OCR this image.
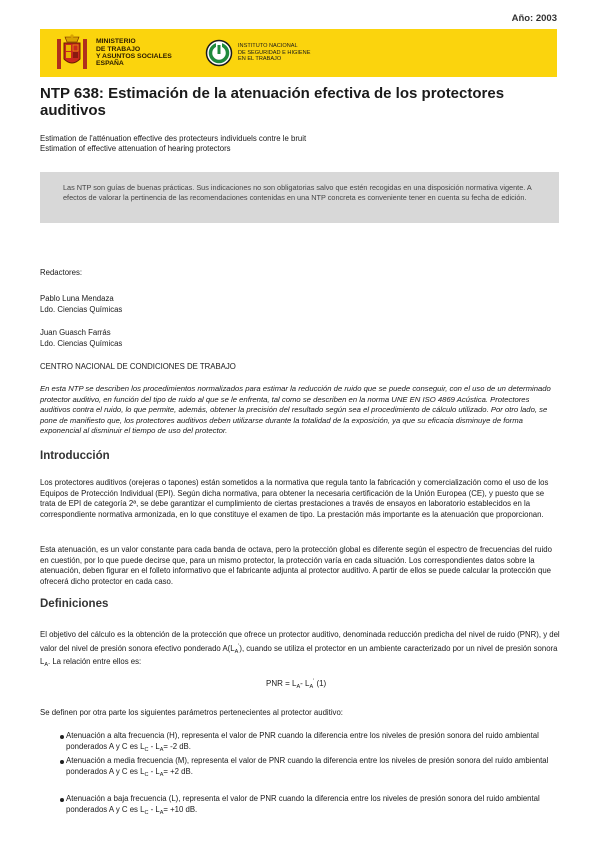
Año: 2003
MINISTERIO
DE TRABAJO
Y ASUNTOS SOCIALES
ESPAÑA
INSTITUTO NACIONAL
DE SEGURIDAD E HIGIENE
EN EL TRABAJO
NTP 638: Estimación de la atenuación efectiva de los protectores auditivos
Estimation de l'atténuation effective des protecteurs individuels contre le bruit
Estimation of effective attenuation of hearing protectors
Las NTP son guías de buenas prácticas. Sus indicaciones no son obligatorias salvo que estén recogidas en una disposición normativa vigente. A efectos de valorar la pertinencia de las recomendaciones contenidas en una NTP concreta es conveniente tener en cuenta su fecha de edición.
Redactores:
Pablo Luna Mendaza
Ldo. Ciencias Químicas
Juan Guasch Farrás
Ldo. Ciencias Químicas
CENTRO NACIONAL DE CONDICIONES DE TRABAJO
En esta NTP se describen los procedimientos normalizados para estimar la reducción de ruido que se puede conseguir, con el uso de un determinado protector auditivo, en función del tipo de ruido al que se le enfrenta, tal como se describen en la norma UNE EN ISO 4869 Acústica. Protectores auditivos contra el ruido, lo que permite, además, obtener la precisión del resultado según sea el procedimiento de cálculo utilizado. Por otro lado, se pone de manifiesto que, los protectores auditivos deben utilizarse durante la totalidad de la exposición, ya que su eficacia disminuye de forma exponencial al disminuir el tiempo de uso del protector.
Introducción
Los protectores auditivos (orejeras o tapones) están sometidos a la normativa que regula tanto la fabricación y comercialización como el uso de los Equipos de Protección Individual (EPI). Según dicha normativa, para obtener la necesaria certificación de la Unión Europea (CE), y puesto que se trata de EPI de categoría 2ª, se debe garantizar el cumplimiento de ciertas prestaciones a través de ensayos en laboratorio establecidos en la correspondiente normativa armonizada, en lo que constituye el examen de tipo. La prestación más importante es la atenuación que proporcionan.
Esta atenuación, es un valor constante para cada banda de octava, pero la protección global es diferente según el espectro de frecuencias del ruido en cuestión, por lo que puede decirse que, para un mismo protector, la protección varía en cada situación. Los correspondientes datos sobre la atenuación, deben figurar en el folleto informativo que el fabricante adjunta al protector auditivo. A partir de ellos se puede calcular la protección que ofrecerá dicho protector en cada caso.
Definiciones
El objetivo del cálculo es la obtención de la protección que ofrece un protector auditivo, denominada reducción predicha del nivel de ruido (PNR), y del valor del nivel de presión sonora efectivo ponderado $A(L_A')$, cuando se utiliza el protector en un ambiente caracterizado por un nivel de presión sonora $L_A$. La relación entre ellos es:
PNR = $L_A-$ $L_A'$ (1)
Se definen por otra parte los siguientes parámetros pertenecientes al protector auditivo:
Atenuación a alta frecuencia (H), representa el valor de PNR cuando la diferencia entre los niveles de presión sonora del ruido ambiental ponderados A y C es $L_C - L_A= -2$ dB.
Atenuación a media frecuencia (M), representa el valor de PNR cuando la diferencia entre los niveles de presión sonora del ruido ambiental ponderados A y C es $L_C - L_A= +2$ dB.
Atenuación a baja frecuencia (L), representa el valor de PNR cuando la diferencia entre los niveles de presión sonora del ruido ambiental ponderados A y C es $L_C - L_A= +10$ dB.
